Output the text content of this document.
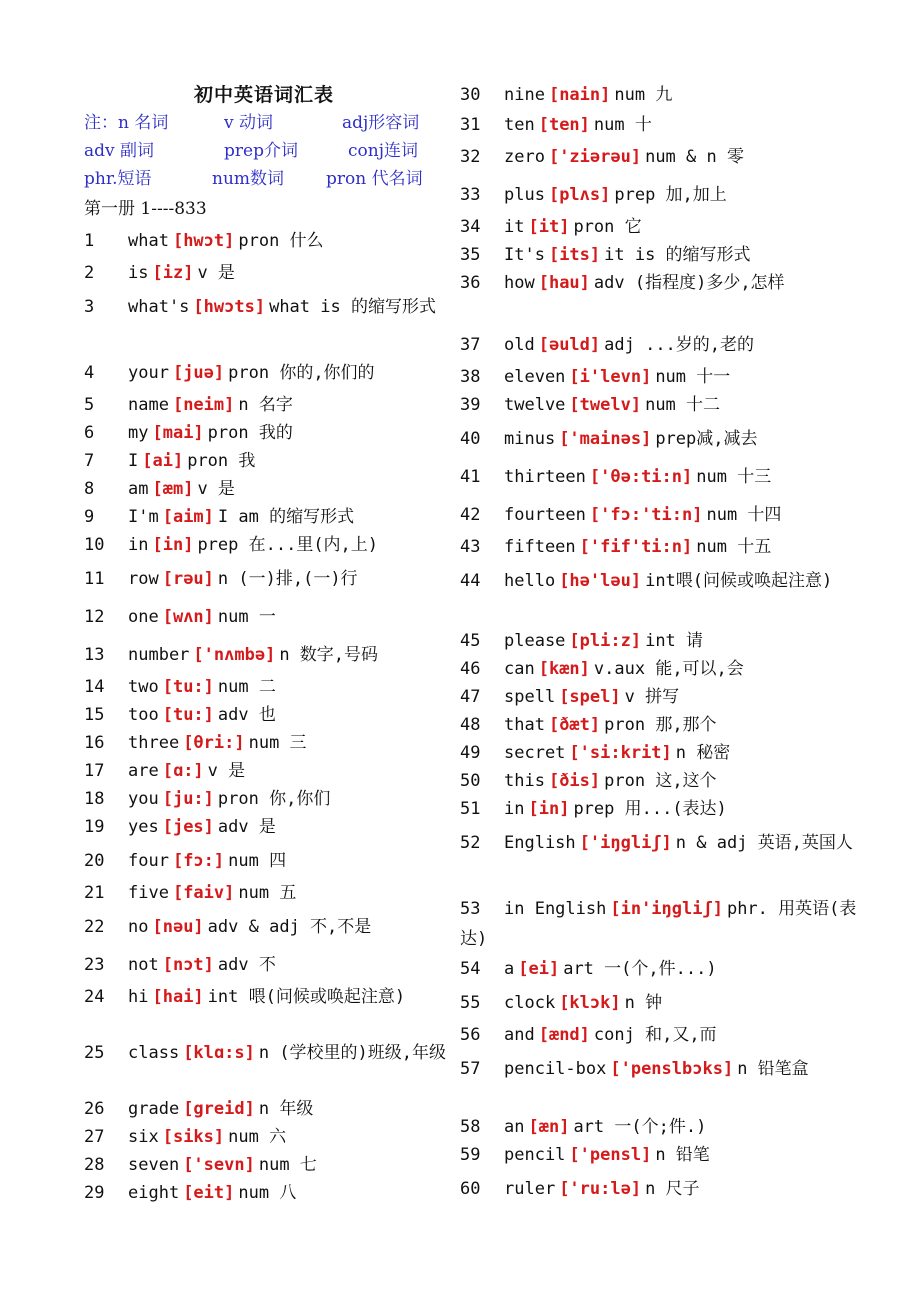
初中英语词汇表
注：n 名词	v 动词	adj形容词
adv 副词	prep介词	conj连词
phr.短语	num数词 pron 代名词
第一册 1----833
1 what [hwɔt] pron 什么
2 is [iz] v 是
3 what's [hwɔts] what is 的缩写形式
4 your [juə] pron 你的,你们的
5 name [neim] n 名字
6 my [mai] pron 我的
7 I [ai] pron 我
8 am [æm] v 是
9 I'm [aim] I am 的缩写形式
10 in [in] prep 在...里(内,上)
11 row [rəu] n (一)排,(一)行
12 one [wʌn] num 一
13 number ['nʌmbə] n 数字,号码
14 two [tu:] num 二
15 too [tu:] adv 也
16 three [θri:] num 三
17 are [ɑ:] v 是
18 you [ju:] pron 你,你们
19 yes [jes] adv 是
20 four [fɔ:] num 四
21 five [faiv] num 五
22 no [nəu] adv & adj 不,不是
23 not [nɔt] adv 不
24 hi [hai] int 喂(问候或唤起注意)
25 class [klɑ:s] n (学校里的)班级,年级
26 grade [greid] n 年级
27 six [siks] num 六
28 seven ['sevn] num 七
29 eight [eit] num 八
30 nine [nain] num 九
31 ten [ten] num 十
32 zero ['ziərəu] num & n 零
33 plus [plʌs] prep 加,加上
34 it [it] pron 它
35 It's [its] it is 的缩写形式
36 how [hau] adv (指程度)多少,怎样
37 old [əuld] adj ...岁的,老的
38 eleven [i'levn] num 十一
39 twelve [twelv] num 十二
40 minus ['mainəs] prep减,减去
41 thirteen ['θə:ti:n] num 十三
42 fourteen ['fɔ:'ti:n] num 十四
43 fifteen ['fif'ti:n] num 十五
44 hello [hə'ləu] int喂(问候或唤起注意)
45 please [pli:z] int 请
46 can [kæn] v.aux 能,可以,会
47 spell [spel] v 拼写
48 that [ðæt] pron 那,那个
49 secret ['si:krit] n 秘密
50 this [ðis] pron 这,这个
51 in [in] prep 用...(表达)
52 English ['iŋgliʃ] n & adj 英语,英国人
53 in English [in'iŋgliʃ] phr. 用英语(表达)
54 a [ei] art 一(个,件...)
55 clock [klɔk] n 钟
56 and [ænd] conj 和,又,而
57 pencil-box ['penslbɔks] n 铅笔盒
58 an [æn] art 一(个;件.)
59 pencil ['pensl] n 铅笔
60 ruler ['ru:lə] n 尺子
